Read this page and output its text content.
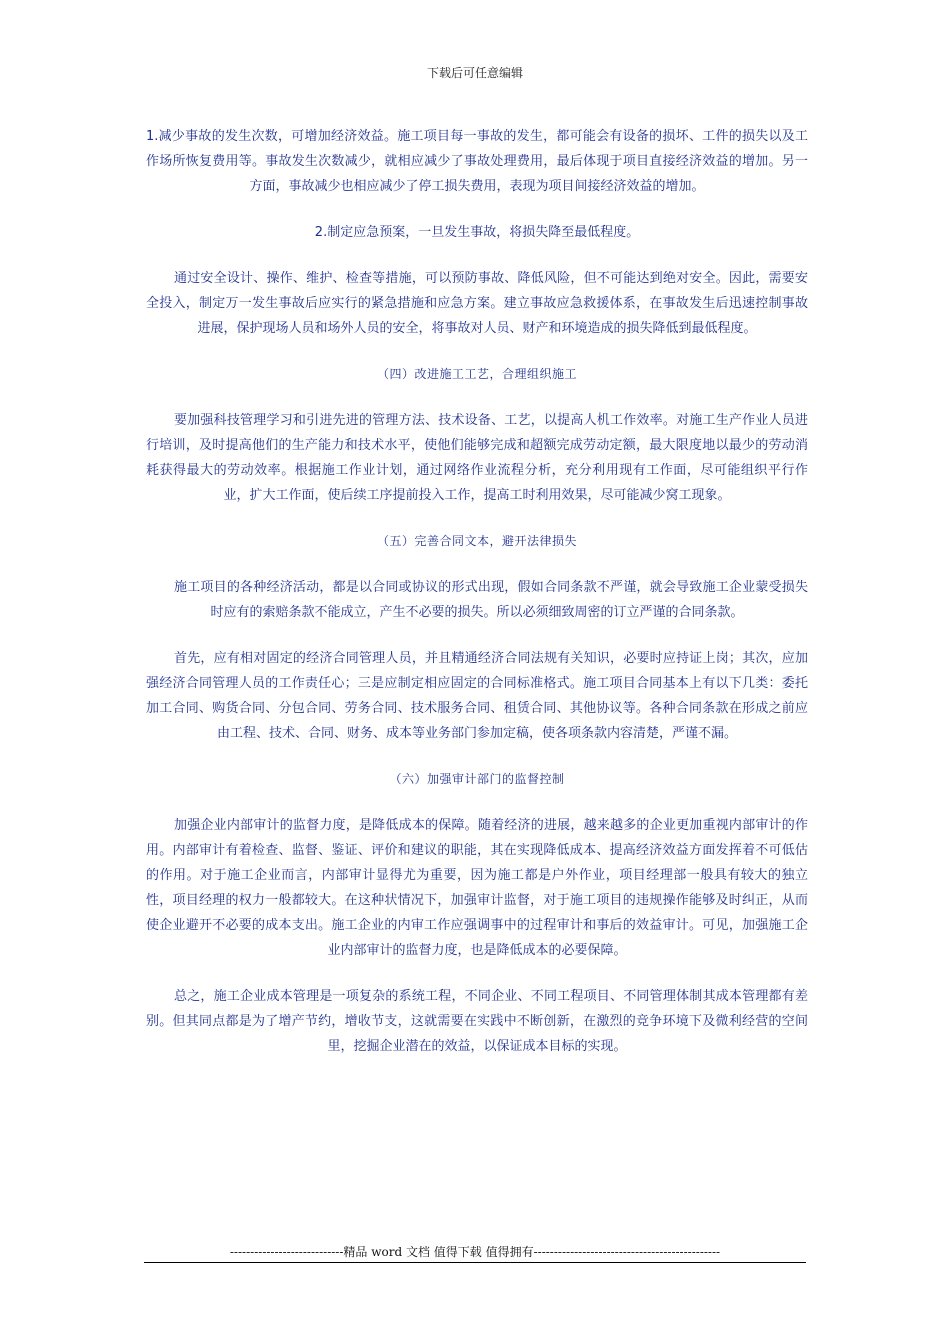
下载后可任意编辑

1.减少事故的发生次数，可增加经济效益。施工项目每一事故的发生，都可能会有设备的损坏、工件的损失以及工作场所恢复费用等。事故发生次数减少，就相应减少了事故处理费用，最后体现于项目直接经济效益的增加。另一方面，事故减少也相应减少了停工损失费用，表现为项目间接经济效益的增加。

2.制定应急预案，一旦发生事故，将损失降至最低程度。

通过安全设计、操作、维护、检查等措施，可以预防事故、降低风险，但不可能达到绝对安全。因此，需要安全投入，制定万一发生事故后应实行的紧急措施和应急方案。建立事故应急救援体系，在事故发生后迅速控制事故进展，保护现场人员和场外人员的安全，将事故对人员、财产和环境造成的损失降低到最低程度。

（四）改进施工工艺，合理组织施工

要加强科技管理学习和引进先进的管理方法、技术设备、工艺，以提高人机工作效率。对施工生产作业人员进行培训，及时提高他们的生产能力和技术水平，使他们能够完成和超额完成劳动定额，最大限度地以最少的劳动消耗获得最大的劳动效率。根据施工作业计划，通过网络作业流程分析，充分利用现有工作面，尽可能组织平行作业，扩大工作面，使后续工序提前投入工作，提高工时利用效果，尽可能减少窝工现象。

（五）完善合同文本，避开法律损失

施工项目的各种经济活动，都是以合同或协议的形式出现，假如合同条款不严谨，就会导致施工企业蒙受损失时应有的索赔条款不能成立，产生不必要的损失。所以必须细致周密的订立严谨的合同条款。

首先，应有相对固定的经济合同管理人员，并且精通经济合同法规有关知识，必要时应持证上岗；其次，应加强经济合同管理人员的工作责任心；三是应制定相应固定的合同标准格式。施工项目合同基本上有以下几类：委托加工合同、购货合同、分包合同、劳务合同、技术服务合同、租赁合同、其他协议等。各种合同条款在形成之前应由工程、技术、合同、财务、成本等业务部门参加定稿，使各项条款内容清楚，严谨不漏。

（六）加强审计部门的监督控制

加强企业内部审计的监督力度，是降低成本的保障。随着经济的进展，越来越多的企业更加重视内部审计的作用。内部审计有着检查、监督、鉴证、评价和建议的职能，其在实现降低成本、提高经济效益方面发挥着不可低估的作用。对于施工企业而言，内部审计显得尤为重要，因为施工都是户外作业，项目经理部一般具有较大的独立性，项目经理的权力一般都较大。在这种状情况下，加强审计监督，对于施工项目的违规操作能够及时纠正，从而使企业避开不必要的成本支出。施工企业的内审工作应强调事中的过程审计和事后的效益审计。可见，加强施工企业内部审计的监督力度，也是降低成本的必要保障。

总之，施工企业成本管理是一项复杂的系统工程，不同企业、不同工程项目、不同管理体制其成本管理都有差别。但其同点都是为了增产节约，增收节支，这就需要在实践中不断创新，在激烈的竞争环境下及微利经营的空间里，挖掘企业潜在的效益，以保证成本目标的实现。

----------------------------精品 word 文档 值得下载 值得拥有----------------------------------------------
